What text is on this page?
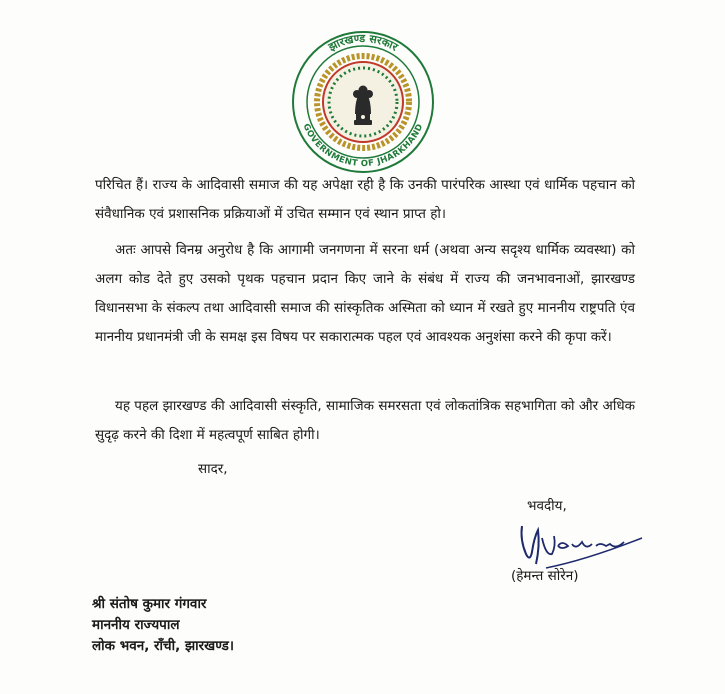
झारखण्ड सरकार
GOVERNMENT OF JHARKHAND

परिचित हैं। राज्य के आदिवासी समाज की यह अपेक्षा रही है कि उनकी पारंपरिक आस्था एवं धार्मिक पहचान को संवैधानिक एवं प्रशासनिक प्रक्रियाओं में उचित सम्मान एवं स्थान प्राप्त हो।

अतः आपसे विनम्र अनुरोध है कि आगामी जनगणना में सरना धर्म (अथवा अन्य सदृश्य धार्मिक व्यवस्था) को अलग कोड देते हुए उसको पृथक पहचान प्रदान किए जाने के संबंध में राज्य की जनभावनाओं, झारखण्ड विधानसभा के संकल्प तथा आदिवासी समाज की सांस्कृतिक अस्मिता को ध्यान में रखते हुए माननीय राष्ट्रपति एंव माननीय प्रधानमंत्री जी के समक्ष इस विषय पर सकारात्मक पहल एवं आवश्यक अनुशंसा करने की कृपा करें।

यह पहल झारखण्ड की आदिवासी संस्कृति, सामाजिक समरसता एवं लोकतांत्रिक सहभागिता को और अधिक सुदृढ़ करने की दिशा में महत्वपूर्ण साबित होगी।

सादर,
भवदीय,
(हेमन्त सोरेन)
श्री संतोष कुमार गंगवार
माननीय राज्यपाल
लोक भवन, राँची, झारखण्ड।
